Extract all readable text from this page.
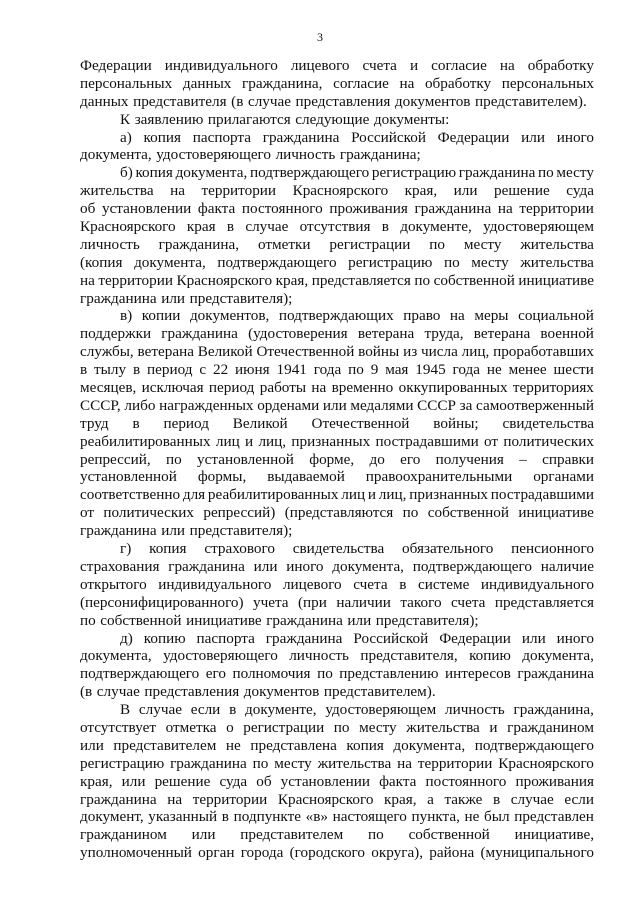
3
Федерации индивидуального лицевого счета и согласие на обработку
персональных данных гражданина, согласие на обработку персональных
данных представителя (в случае представления документов представителем).
К заявлению прилагаются следующие документы:
а) копия паспорта гражданина Российской Федерации или иного
документа, удостоверяющего личность гражданина;
б) копия документа, подтверждающего регистрацию гражданина по месту
жительства на территории Красноярского края, или решение суда
об установлении факта постоянного проживания гражданина на территории
Красноярского края в случае отсутствия в документе, удостоверяющем
личность гражданина, отметки регистрации по месту жительства
(копия документа, подтверждающего регистрацию по месту жительства
на территории Красноярского края, представляется по собственной инициативе
гражданина или представителя);
в) копии документов, подтверждающих право на меры социальной
поддержки гражданина (удостоверения ветерана труда, ветерана военной
службы, ветерана Великой Отечественной войны из числа лиц, проработавших
в тылу в период с 22 июня 1941 года по 9 мая 1945 года не менее шести
месяцев, исключая период работы на временно оккупированных территориях
СССР, либо награжденных орденами или медалями СССР за самоотверженный
труд в период Великой Отечественной войны; свидетельства
реабилитированных лиц и лиц, признанных пострадавшими от политических
репрессий, по установленной форме, до его получения – справки
установленной формы, выдаваемой правоохранительными органами
соответственно для реабилитированных лиц и лиц, признанных пострадавшими
от политических репрессий) (представляются по собственной инициативе
гражданина или представителя);
г) копия страхового свидетельства обязательного пенсионного
страхования гражданина или иного документа, подтверждающего наличие
открытого индивидуального лицевого счета в системе индивидуального
(персонифицированного) учета (при наличии такого счета представляется
по собственной инициативе гражданина или представителя);
д) копию паспорта гражданина Российской Федерации или иного
документа, удостоверяющего личность представителя, копию документа,
подтверждающего его полномочия по представлению интересов гражданина
(в случае представления документов представителем).
В случае если в документе, удостоверяющем личность гражданина,
отсутствует отметка о регистрации по месту жительства и гражданином
или представителем не представлена копия документа, подтверждающего
регистрацию гражданина по месту жительства на территории Красноярского
края, или решение суда об установлении факта постоянного проживания
гражданина на территории Красноярского края, а также в случае если
документ, указанный в подпункте «в» настоящего пункта, не был представлен
гражданином или представителем по собственной инициативе,
уполномоченный орган города (городского округа), района (муниципального
